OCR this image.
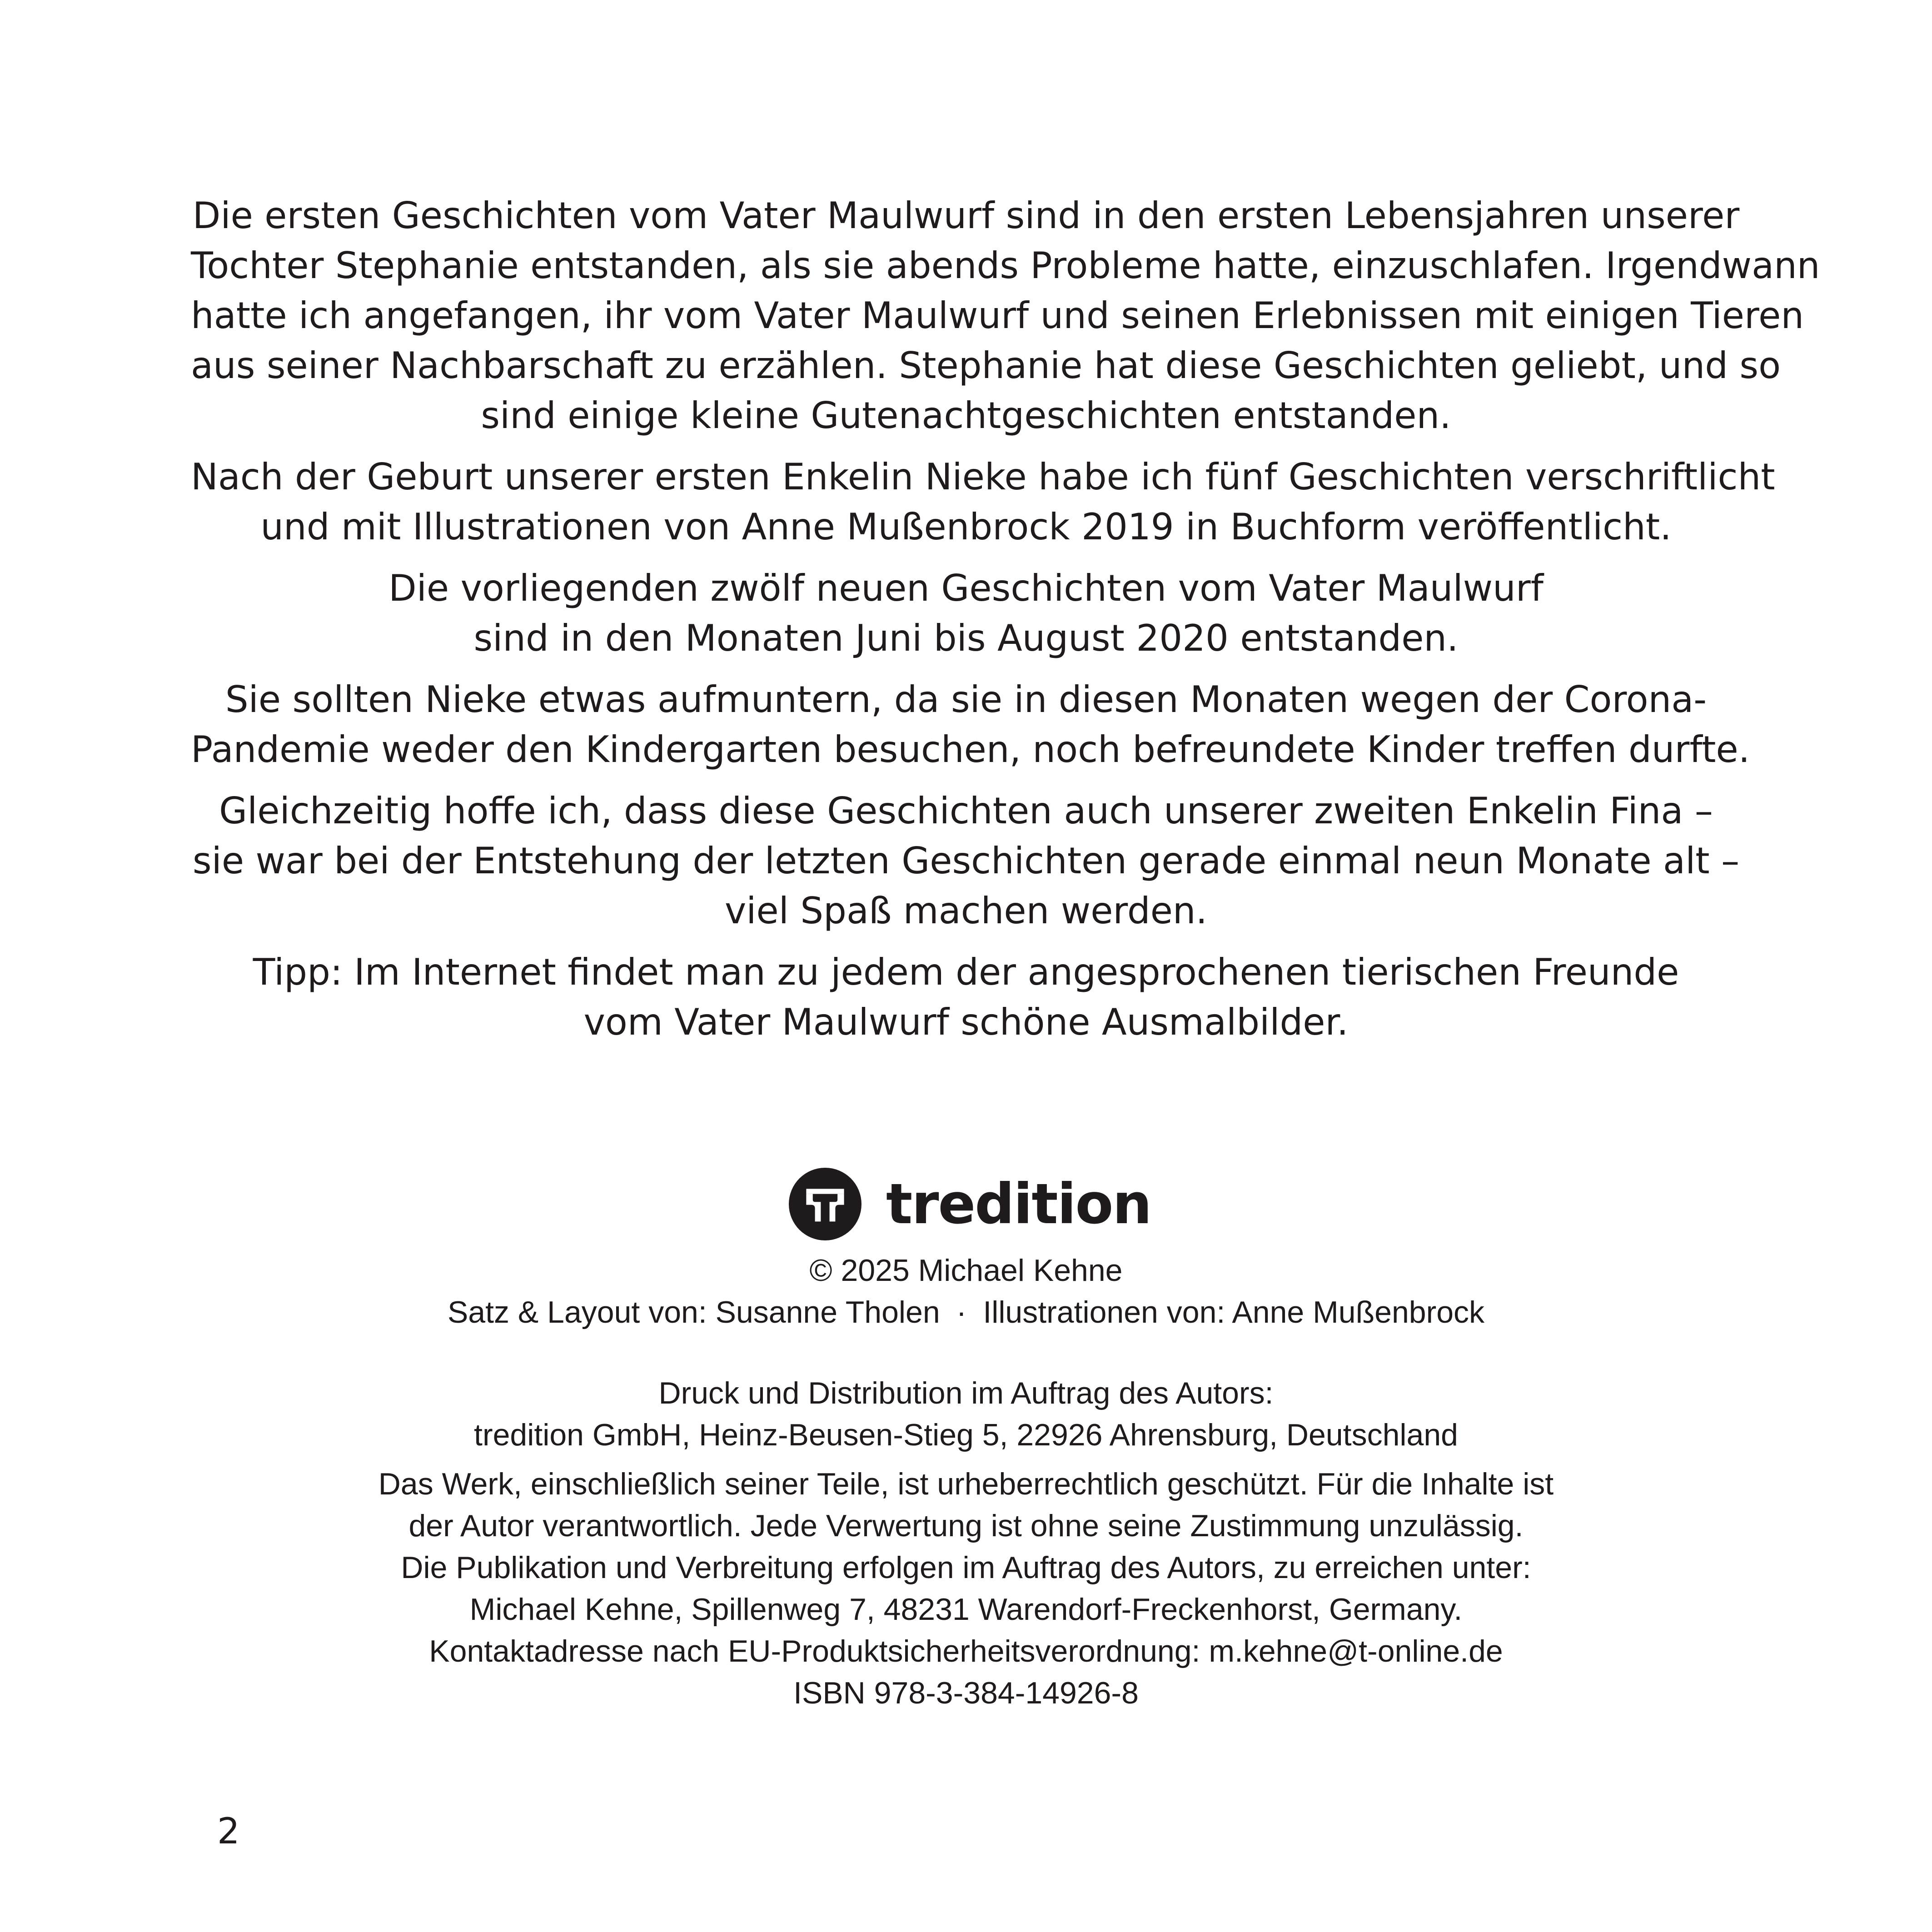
Die ersten Geschichten vom Vater Maulwurf sind in den ersten Lebensjahren unserer
Tochter Stephanie entstanden, als sie abends Probleme hatte, einzuschlafen. Irgendwann
hatte ich angefangen, ihr vom Vater Maulwurf und seinen Erlebnissen mit einigen Tieren
aus seiner Nachbarschaft zu erzählen. Stephanie hat diese Geschichten geliebt, und so
sind einige kleine Gutenachtgeschichten entstanden.

Nach der Geburt unserer ersten Enkelin Nieke habe ich fünf Geschichten verschriftlicht
und mit Illustrationen von Anne Mußenbrock 2019 in Buchform veröffentlicht.

Die vorliegenden zwölf neuen Geschichten vom Vater Maulwurf
sind in den Monaten Juni bis August 2020 entstanden.

Sie sollten Nieke etwas aufmuntern, da sie in diesen Monaten wegen der Corona-
Pandemie weder den Kindergarten besuchen, noch befreundete Kinder treffen durfte.

Gleichzeitig hoffe ich, dass diese Geschichten auch unserer zweiten Enkelin Fina –
sie war bei der Entstehung der letzten Geschichten gerade einmal neun Monate alt –
viel Spaß machen werden.

Tipp: Im Internet findet man zu jedem der angesprochenen tierischen Freunde
vom Vater Maulwurf schöne Ausmalbilder.

tredition
© 2025 Michael Kehne
Satz & Layout von: Susanne Tholen · Illustrationen von: Anne Mußenbrock
Druck und Distribution im Auftrag des Autors:
tredition GmbH, Heinz-Beusen-Stieg 5, 22926 Ahrensburg, Deutschland
Das Werk, einschließlich seiner Teile, ist urheberrechtlich geschützt. Für die Inhalte ist
der Autor verantwortlich. Jede Verwertung ist ohne seine Zustimmung unzulässig.
Die Publikation und Verbreitung erfolgen im Auftrag des Autors, zu erreichen unter:
Michael Kehne, Spillenweg 7, 48231 Warendorf-Freckenhorst, Germany.
Kontaktadresse nach EU-Produktsicherheitsverordnung: m.kehne@t-online.de
ISBN 978-3-384-14926-8
2
